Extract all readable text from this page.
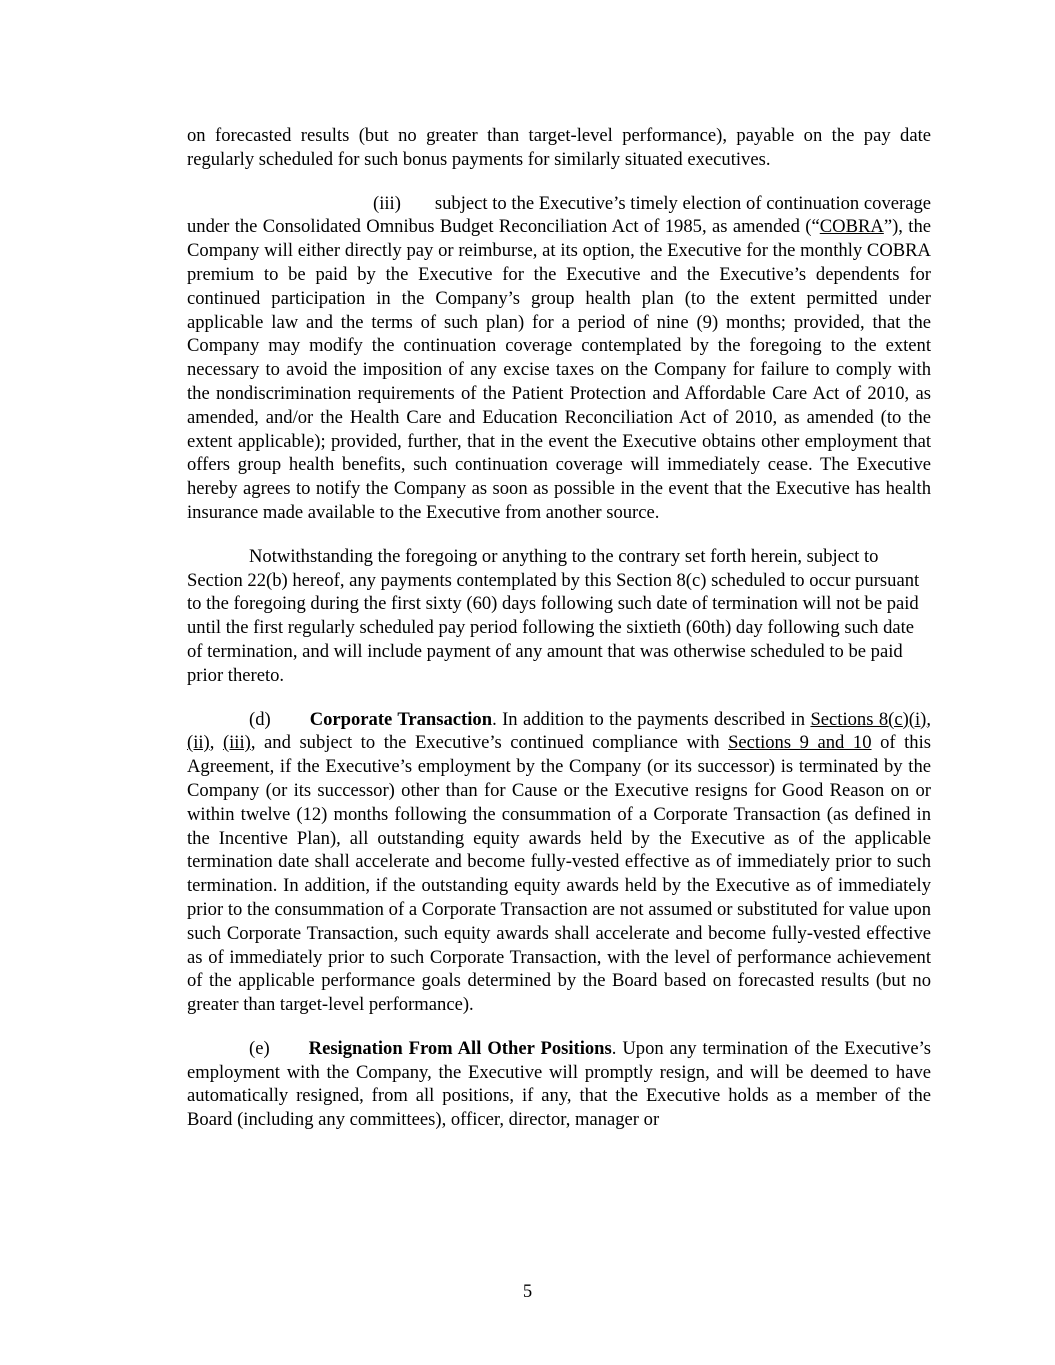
on forecasted results (but no greater than target-level performance), payable on the pay date regularly scheduled for such bonus payments for similarly situated executives.

(iii) subject to the Executive’s timely election of continuation coverage under the Consolidated Omnibus Budget Reconciliation Act of 1985, as amended (“COBRA”), the Company will either directly pay or reimburse, at its option, the Executive for the monthly COBRA premium to be paid by the Executive for the Executive and the Executive’s dependents for continued participation in the Company’s group health plan (to the extent permitted under applicable law and the terms of such plan) for a period of nine (9) months; provided, that the Company may modify the continuation coverage contemplated by the foregoing to the extent necessary to avoid the imposition of any excise taxes on the Company for failure to comply with the nondiscrimination requirements of the Patient Protection and Affordable Care Act of 2010, as amended, and/or the Health Care and Education Reconciliation Act of 2010, as amended (to the extent applicable); provided, further, that in the event the Executive obtains other employment that offers group health benefits, such continuation coverage will immediately cease. The Executive hereby agrees to notify the Company as soon as possible in the event that the Executive has health insurance made available to the Executive from another source.

Notwithstanding the foregoing or anything to the contrary set forth herein, subject to Section 22(b) hereof, any payments contemplated by this Section 8(c) scheduled to occur pursuant to the foregoing during the first sixty (60) days following such date of termination will not be paid until the first regularly scheduled pay period following the sixtieth (60th) day following such date of termination, and will include payment of any amount that was otherwise scheduled to be paid prior thereto.

(d) Corporate Transaction. In addition to the payments described in Sections 8(c)(i), (ii), (iii), and subject to the Executive’s continued compliance with Sections 9 and 10 of this Agreement, if the Executive’s employment by the Company (or its successor) is terminated by the Company (or its successor) other than for Cause or the Executive resigns for Good Reason on or within twelve (12) months following the consummation of a Corporate Transaction (as defined in the Incentive Plan), all outstanding equity awards held by the Executive as of the applicable termination date shall accelerate and become fully-vested effective as of immediately prior to such termination. In addition, if the outstanding equity awards held by the Executive as of immediately prior to the consummation of a Corporate Transaction are not assumed or substituted for value upon such Corporate Transaction, such equity awards shall accelerate and become fully-vested effective as of immediately prior to such Corporate Transaction, with the level of performance achievement of the applicable performance goals determined by the Board based on forecasted results (but no greater than target-level performance).

(e) Resignation From All Other Positions. Upon any termination of the Executive’s employment with the Company, the Executive will promptly resign, and will be deemed to have automatically resigned, from all positions, if any, that the Executive holds as a member of the Board (including any committees), officer, director, manager or

5
